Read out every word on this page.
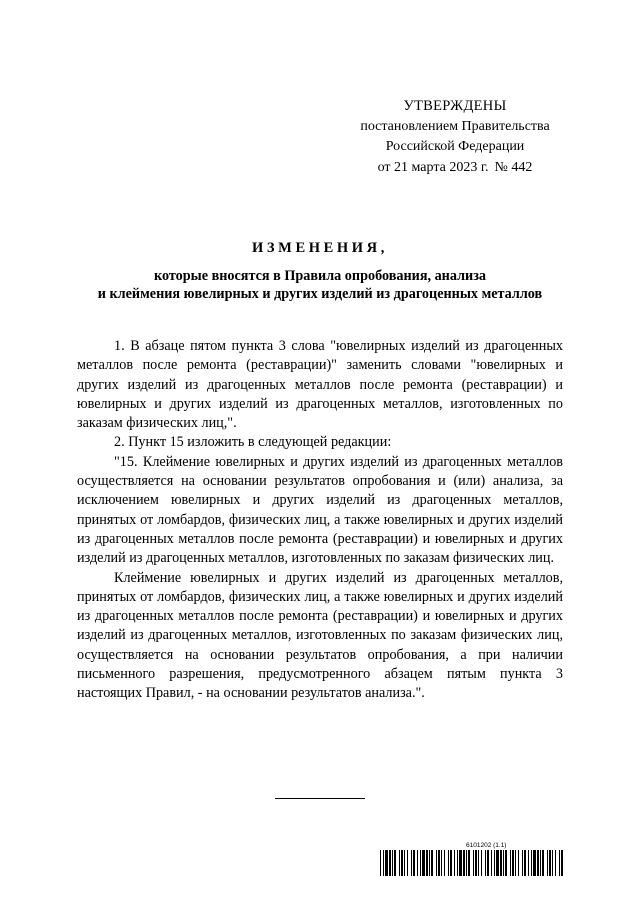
УТВЕРЖДЕНЫ
постановлением Правительства
Российской Федерации
от 21 марта 2023 г. № 442
ИЗМЕНЕНИЯ,
которые вносятся в Правила опробования, анализа
и клеймения ювелирных и других изделий из драгоценных металлов

1. В абзаце пятом пункта 3 слова "ювелирных изделий из драгоценных металлов после ремонта (реставрации)" заменить словами "ювелирных и других изделий из драгоценных металлов после ремонта (реставрации) и ювелирных и других изделий из драгоценных металлов, изготовленных по заказам физических лиц,".

2. Пункт 15 изложить в следующей редакции:

"15. Клеймение ювелирных и других изделий из драгоценных металлов осуществляется на основании результатов опробования и (или) анализа, за исключением ювелирных и других изделий из драгоценных металлов, принятых от ломбардов, физических лиц, а также ювелирных и других изделий из драгоценных металлов после ремонта (реставрации) и ювелирных и других изделий из драгоценных металлов, изготовленных по заказам физических лиц.

Клеймение ювелирных и других изделий из драгоценных металлов, принятых от ломбардов, физических лиц, а также ювелирных и других изделий из драгоценных металлов после ремонта (реставрации) и ювелирных и других изделий из драгоценных металлов, изготовленных по заказам физических лиц, осуществляется на основании результатов опробования, а при наличии письменного разрешения, предусмотренного абзацем пятым пункта 3 настоящих Правил, - на основании результатов анализа.".

6101202 (1.1)
